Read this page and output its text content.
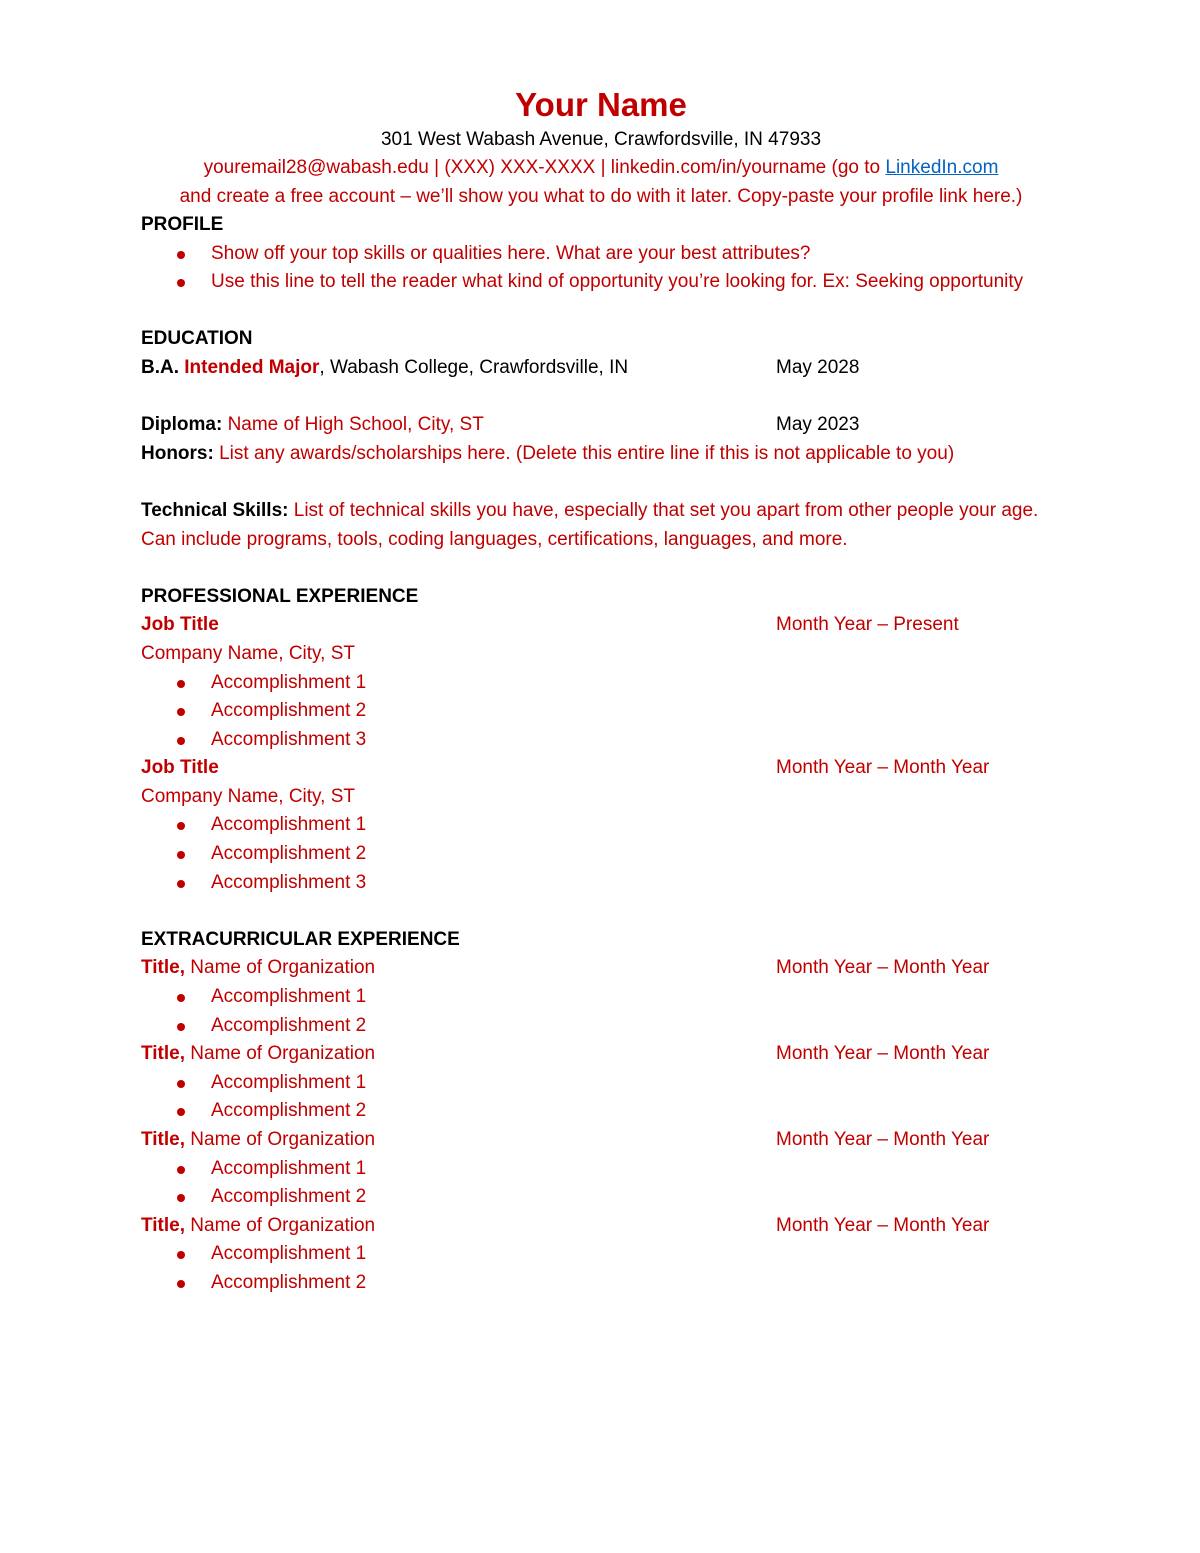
Your Name
301 West Wabash Avenue, Crawfordsville, IN 47933
youremail28@wabash.edu | (XXX) XXX-XXXX | linkedin.com/in/yourname (go to LinkedIn.com
and create a free account – we’ll show you what to do with it later. Copy-paste your profile link here.)
PROFILE
Show off your top skills or qualities here. What are your best attributes?
Use this line to tell the reader what kind of opportunity you’re looking for. Ex: Seeking opportunity
EDUCATION
B.A. Intended Major, Wabash College, Crawfordsville, IN	May 2028
Diploma: Name of High School, City, ST	May 2023
Honors: List any awards/scholarships here. (Delete this entire line if this is not applicable to you)
Technical Skills: List of technical skills you have, especially that set you apart from other people your age. Can include programs, tools, coding languages, certifications, languages, and more.
PROFESSIONAL EXPERIENCE
Job Title	Month Year – Present
Company Name, City, ST
Accomplishment 1
Accomplishment 2
Accomplishment 3
Job Title	Month Year – Month Year
Company Name, City, ST
Accomplishment 1
Accomplishment 2
Accomplishment 3
EXTRACURRICULAR EXPERIENCE
Title, Name of Organization	Month Year – Month Year
Accomplishment 1
Accomplishment 2
Title, Name of Organization	Month Year – Month Year
Accomplishment 1
Accomplishment 2
Title, Name of Organization	Month Year – Month Year
Accomplishment 1
Accomplishment 2
Title, Name of Organization	Month Year – Month Year
Accomplishment 1
Accomplishment 2
